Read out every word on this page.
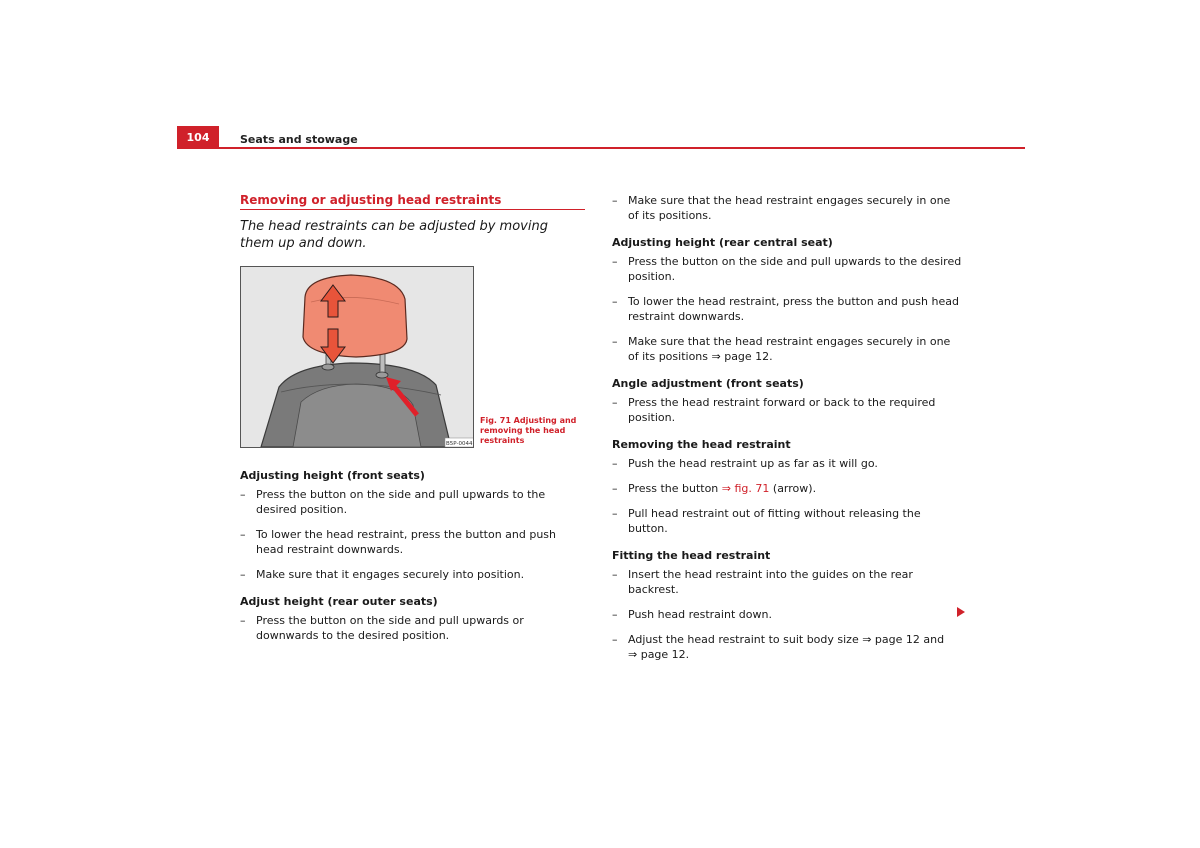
104	Seats and stowage
Removing or adjusting head restraints
The head restraints can be adjusted by moving them up and down.
B5P-0044
Fig. 71 Adjusting and removing the head restraints
Adjusting height (front seats)
– Press the button on the side and pull upwards to the desired position.
– To lower the head restraint, press the button and push head restraint downwards.
– Make sure that it engages securely into position.
Adjust height (rear outer seats)
– Press the button on the side and pull upwards or downwards to the desired position.
– Make sure that the head restraint engages securely in one of its positions.
Adjusting height (rear central seat)
– Press the button on the side and pull upwards to the desired position.
– To lower the head restraint, press the button and push head restraint downwards.
– Make sure that the head restraint engages securely in one of its positions ⇒ page 12.
Angle adjustment (front seats)
– Press the head restraint forward or back to the required position.
Removing the head restraint
– Push the head restraint up as far as it will go.
– Press the button ⇒ fig. 71 (arrow).
– Pull head restraint out of fitting without releasing the button.
Fitting the head restraint
– Insert the head restraint into the guides on the rear backrest.
– Push head restraint down.
– Adjust the head restraint to suit body size ⇒ page 12 and
⇒ page 12.
